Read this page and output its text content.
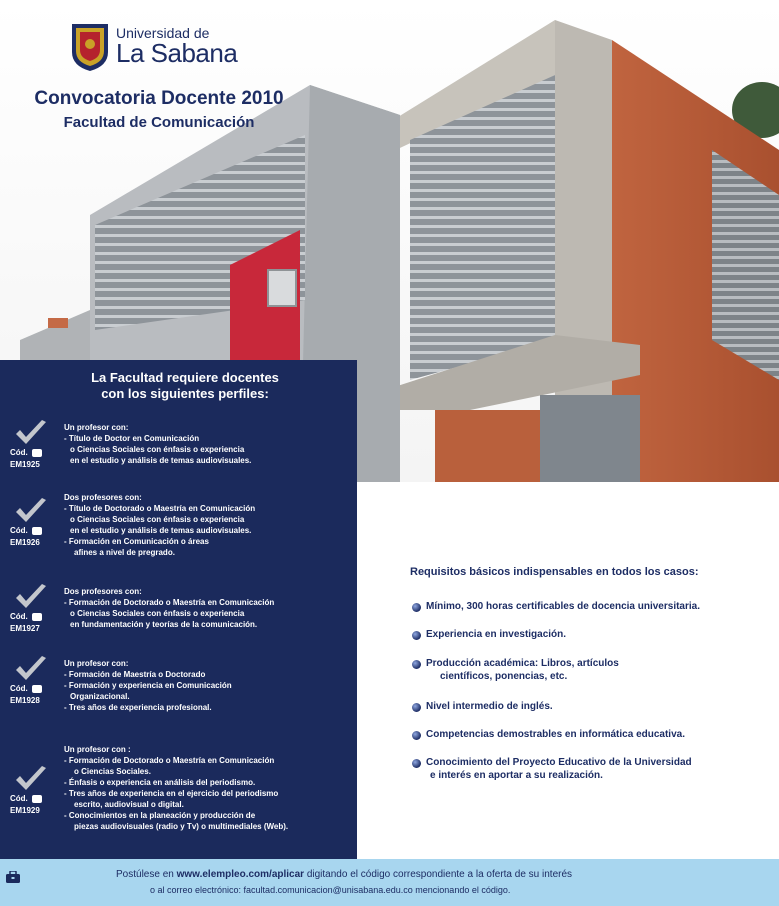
Universidad de
La Sabana
Convocatoria Docente 2010
Facultad de Comunicación
La Facultad requiere docentes
con los siguientes perfiles:
Cód.
EM1925
Un profesor con:
- Título de Doctor en Comunicación
o Ciencias Sociales con énfasis o experiencia
en el estudio y análisis de temas audiovisuales.
Cód.
EM1926
Dos profesores con:
- Título de Doctorado o Maestría en Comunicación
o Ciencias Sociales con énfasis o experiencia
en el estudio y análisis de temas audiovisuales.
- Formación en Comunicación o áreas
afines a nivel de pregrado.
Cód.
EM1927
Dos profesores con:
- Formación de Doctorado o Maestría en Comunicación
o Ciencias Sociales con énfasis o experiencia
en fundamentación y teorías de la comunicación.
Cód.
EM1928
Un profesor con:
- Formación de Maestría o Doctorado
- Formación y experiencia en Comunicación
Organizacional.
- Tres años de experiencia profesional.
Cód.
EM1929
Un profesor con :
- Formación de Doctorado o Maestría en Comunicación
o Ciencias Sociales.
- Énfasis o experiencia en análisis del periodismo.
- Tres años de experiencia en el ejercicio del periodismo
escrito, audiovisual o digital.
- Conocimientos en la planeación y producción de
piezas audiovisuales (radio y Tv) o multimediales (Web).
Requisitos básicos indispensables en todos los casos:
Mínimo, 300 horas certificables de docencia universitaria.
Experiencia en investigación.
Producción académica: Libros, artículos
científicos, ponencias, etc.
Nivel intermedio de inglés.
Competencias demostrables en informática educativa.
Conocimiento del Proyecto Educativo de la Universidad
e interés en aportar a su realización.
Postúlese en www.elempleo.com/aplicar digitando el código correspondiente a la oferta de su interés
o al correo electrónico: facultad.comunicacion@unisabana.edu.co mencionando el código.
